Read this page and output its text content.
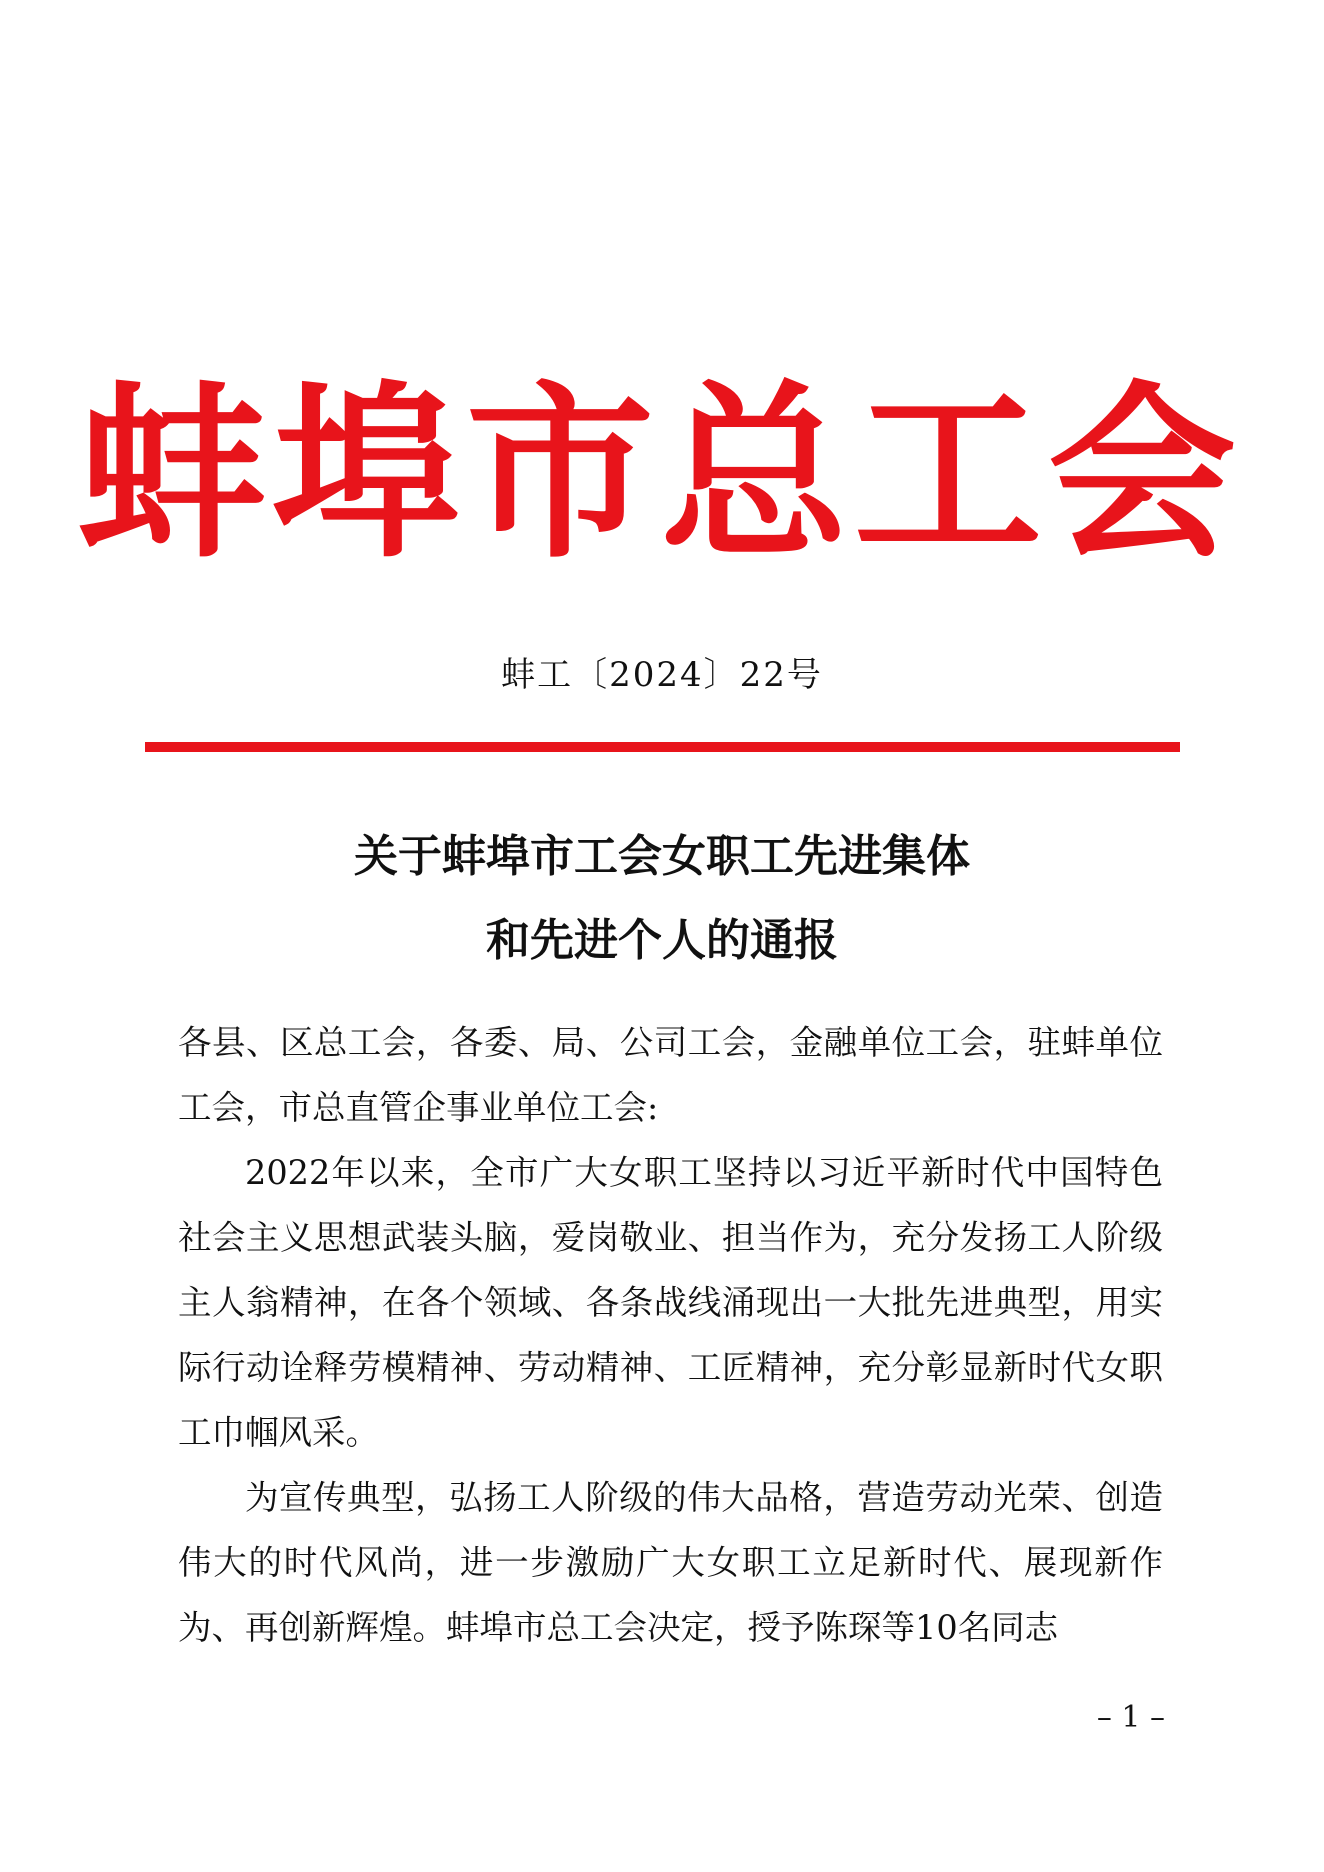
蚌埠市总工会
蚌工〔2024〕22号
关于蚌埠市工会女职工先进集体
和先进个人的通报

各县、区总工会，各委、局、公司工会，金融单位工会，驻蚌单位工会，市总直管企事业单位工会:

2022年以来，全市广大女职工坚持以习近平新时代中国特色社会主义思想武装头脑，爱岗敬业、担当作为，充分发扬工人阶级主人翁精神，在各个领域、各条战线涌现出一大批先进典型，用实际行动诠释劳模精神、劳动精神、工匠精神，充分彰显新时代女职工巾帼风采。

为宣传典型，弘扬工人阶级的伟大品格，营造劳动光荣、创造伟大的时代风尚，进一步激励广大女职工立足新时代、展现新作为、再创新辉煌。蚌埠市总工会决定，授予陈琛等10名同志

– 1 –
